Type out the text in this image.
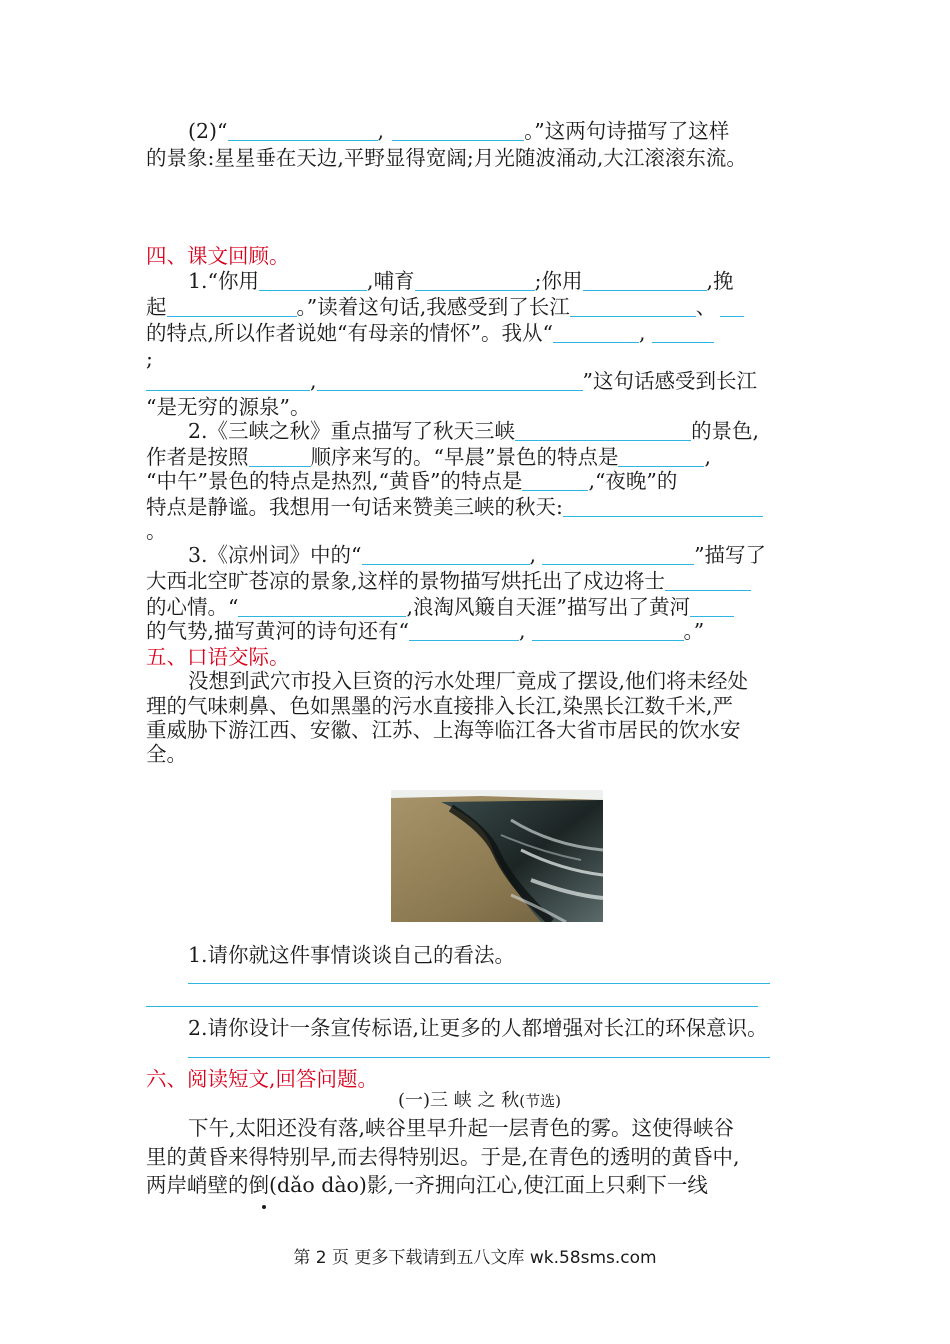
(2)“	,	。”这两句诗描写了这样
的景象:星星垂在天边,平野显得宽阔;月光随波涌动,大江滚滚东流。
四、课文回顾。
1.“你用	,哺育	;你用	,挽
起	。”读着这句话,我感受到了长江	、
的特点,所以作者说她“有母亲的情怀”。我从“	,
;
,	”这句话感受到长江
“是无穷的源泉”。
2.《三峡之秋》重点描写了秋天三峡	的景色,
作者是按照	顺序来写的。“早晨”景色的特点是	,
“中午”景色的特点是热烈,“黄昏”的特点是	,“夜晚”的
特点是静谧。我想用一句话来赞美三峡的秋天:
。
3.《凉州词》中的“	,	”描写了
大西北空旷苍凉的景象,这样的景物描写烘托出了戍边将士
的心情。“	,浪淘风簸自天涯”描写出了黄河
的气势,描写黄河的诗句还有“	,	。”
五、口语交际。
没想到武穴市投入巨资的污水处理厂竟成了摆设,他们将未经处
理的气味刺鼻、色如黑墨的污水直接排入长江,染黑长江数千米,严
重威胁下游江西、安徽、江苏、上海等临江各大省市居民的饮水安
全。
1.请你就这件事情谈谈自己的看法。
2.请你设计一条宣传标语,让更多的人都增强对长江的环保意识。
六、阅读短文,回答问题。
(一)三 峡 之 秋(节选)
下午,太阳还没有落,峡谷里早升起一层青色的雾。这使得峡谷
里的黄昏来得特别早,而去得特别迟。于是,在青色的透明的黄昏中,
两岸峭壁的倒(dǎo dào)影,一齐拥向江心,使江面上只剩下一线
第 2 页 更多下载请到五八文库 wk.58sms.com
